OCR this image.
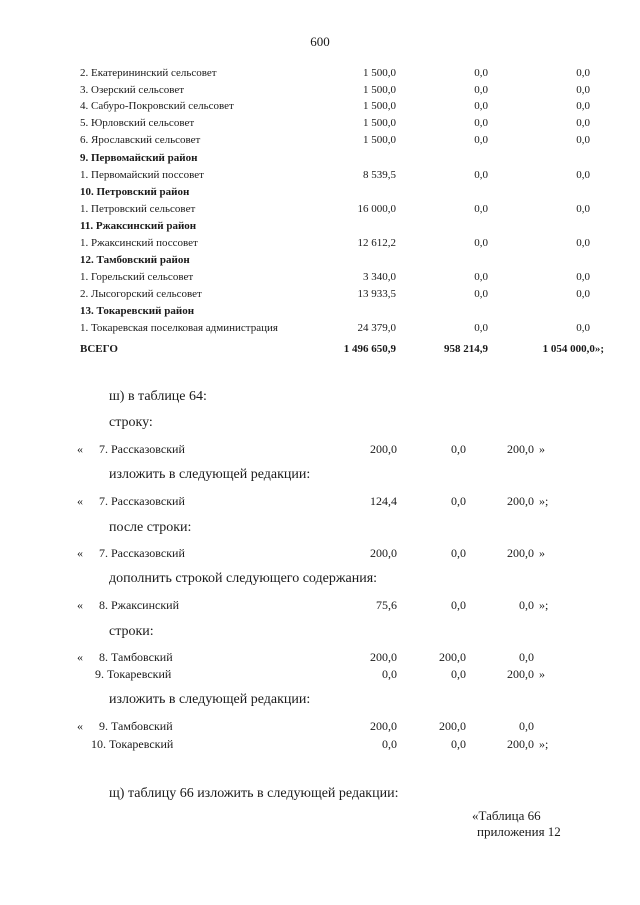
600
2. Екатерининский сельсовет	1 500,0	0,0	0,0
3. Озерский сельсовет	1 500,0	0,0	0,0
4. Сабуро-Покровский сельсовет	1 500,0	0,0	0,0
5. Юрловский сельсовет	1 500,0	0,0	0,0
6. Ярославский сельсовет	1 500,0	0,0	0,0
9. Первомайский район
1. Первомайский поссовет	8 539,5	0,0	0,0
10. Петровский район
1. Петровский сельсовет	16 000,0	0,0	0,0
11. Ржаксинский район
1. Ржаксинский поссовет	12 612,2	0,0	0,0
12. Тамбовский район
1. Горельский сельсовет	3 340,0	0,0	0,0
2. Лысогорский сельсовет	13 933,5	0,0	0,0
13. Токаревский район
1. Токаревская поселковая администрация	24 379,0	0,0	0,0
ВСЕГО	1 496 650,9	958 214,9	1 054 000,0»;
ш) в таблице 64:
строку:
« 7. Рассказовский	200,0	0,0	200,0 »
изложить в следующей редакции:
« 7. Рассказовский	124,4	0,0	200,0 »;
после строки:
« 7. Рассказовский	200,0	0,0	200,0 »
дополнить строкой следующего содержания:
« 8. Ржаксинский	75,6	0,0	0,0 »;
строки:
« 8. Тамбовский	200,0	200,0	0,0
9. Токаревский	0,0	0,0	200,0 »
изложить в следующей редакции:
« 9. Тамбовский	200,0	200,0	0,0
10. Токаревский	0,0	0,0	200,0 »;
щ) таблицу 66 изложить в следующей редакции:
«Таблица 66
приложения 12
